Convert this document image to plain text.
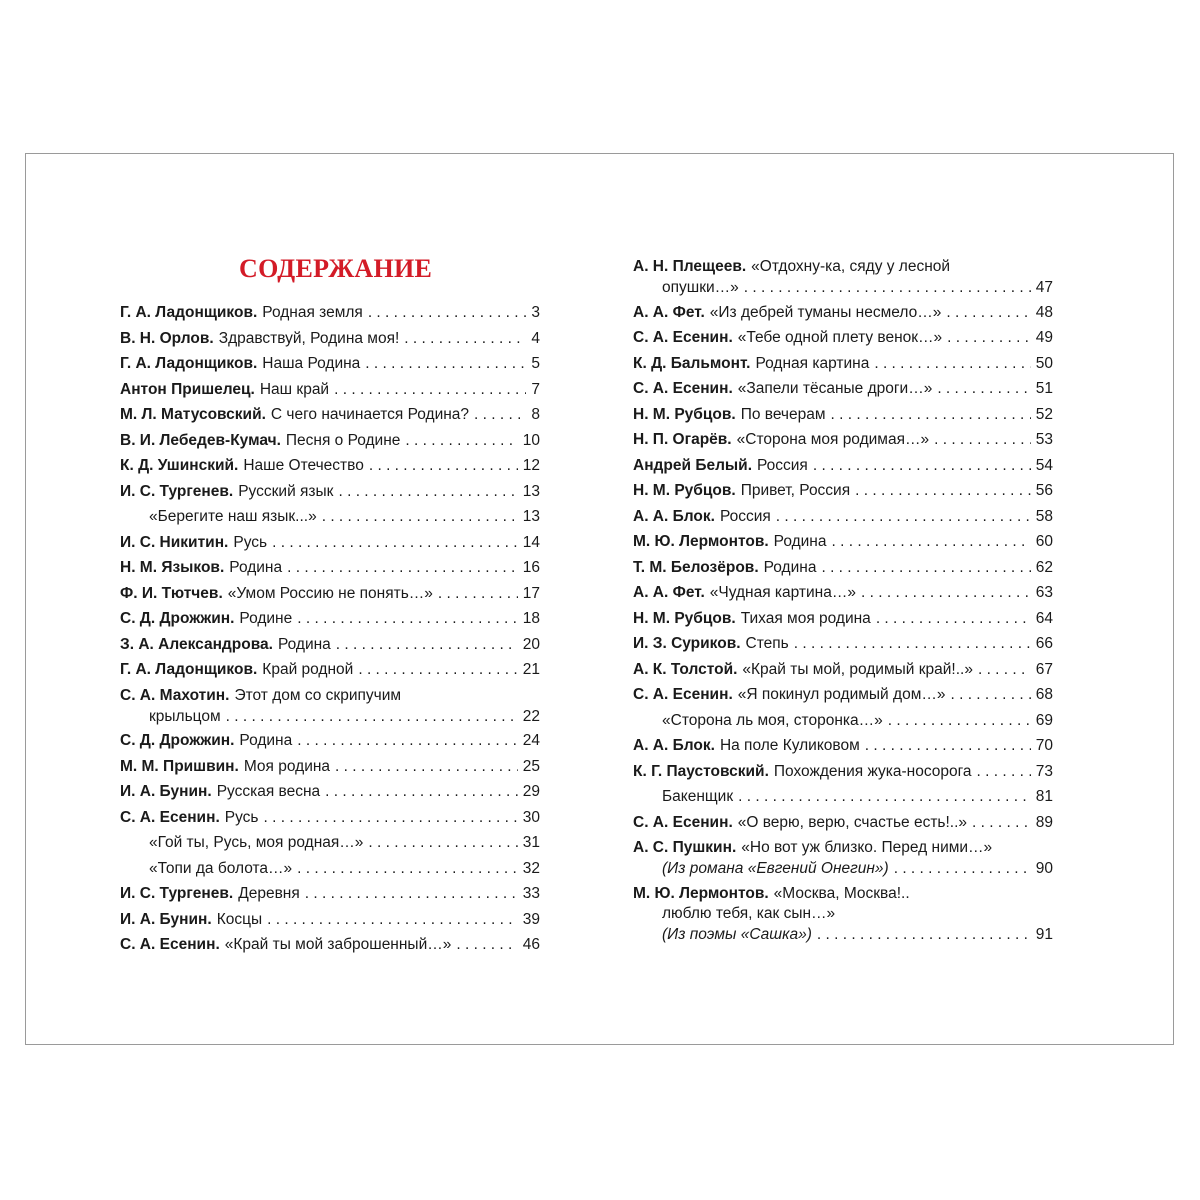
СОДЕРЖАНИЕ
Г. А. Ладонщиков. Родная земля . . .	3
В. Н. Орлов. Здравствуй, Родина моя! . . .	4
Г. А. Ладонщиков. Наша Родина . . .	5
Антон Пришелец. Наш край . . .	7
М. Л. Матусовский. С чего начинается Родина? . . .	8
В. И. Лебедев-Кумач. Песня о Родине . . .	10
К. Д. Ушинский. Наше Отечество . . .	12
И. С. Тургенев. Русский язык . . .	13
«Берегите наш язык...» . . .	13
И. С. Никитин. Русь . . .	14
Н. М. Языков. Родина . . .	16
Ф. И. Тютчев. «Умом Россию не понять…» . . .	17
С. Д. Дрожжин. Родине . . .	18
З. А. Александрова. Родина . . .	20
Г. А. Ладонщиков. Край родной . . .	21
С. А. Махотин. Этот дом со скрипучим
крыльцом . . .	22
С. Д. Дрожжин. Родина . . .	24
М. М. Пришвин. Моя родина . . .	25
И. А. Бунин. Русская весна . . .	29
С. А. Есенин. Русь . . .	30
«Гой ты, Русь, моя родная…» . . .	31
«Топи да болота…» . . .	32
И. С. Тургенев. Деревня . . .	33
И. А. Бунин. Косцы . . .	39
С. А. Есенин. «Край ты мой заброшенный…» . . .	46
А. Н. Плещеев. «Отдохну-ка, сяду у лесной
опушки…» . . .	47
А. А. Фет. «Из дебрей туманы несмело…» . . .	48
С. А. Есенин. «Тебе одной плету венок…» . . .	49
К. Д. Бальмонт. Родная картина . . .	50
С. А. Есенин. «Запели тёсаные дроги…» . . .	51
Н. М. Рубцов. По вечерам . . .	52
Н. П. Огарёв. «Сторона моя родимая…» . . .	53
Андрей Белый. Россия . . .	54
Н. М. Рубцов. Привет, Россия . . .	56
А. А. Блок. Россия . . .	58
М. Ю. Лермонтов. Родина . . .	60
Т. М. Белозёров. Родина . . .	62
А. А. Фет. «Чудная картина…» . . .	63
Н. М. Рубцов. Тихая моя родина . . .	64
И. З. Суриков. Степь . . .	66
А. К. Толстой. «Край ты мой, родимый край!..» . . .	67
С. А. Есенин. «Я покинул родимый дом…» . . .	68
«Сторона ль моя, сторонка…» . . .	69
А. А. Блок. На поле Куликовом . . .	70
К. Г. Паустовский. Похождения жука-носорога . . .	73
Бакенщик . . .	81
С. А. Есенин. «О верю, верю, счастье есть!..» . . .	89
А. С. Пушкин. «Но вот уж близко. Перед ними…»
(Из романа «Евгений Онегин») . . .	90
М. Ю. Лермонтов. «Москва, Москва!..
люблю тебя, как сын…»
(Из поэмы «Сашка») . . .	91
